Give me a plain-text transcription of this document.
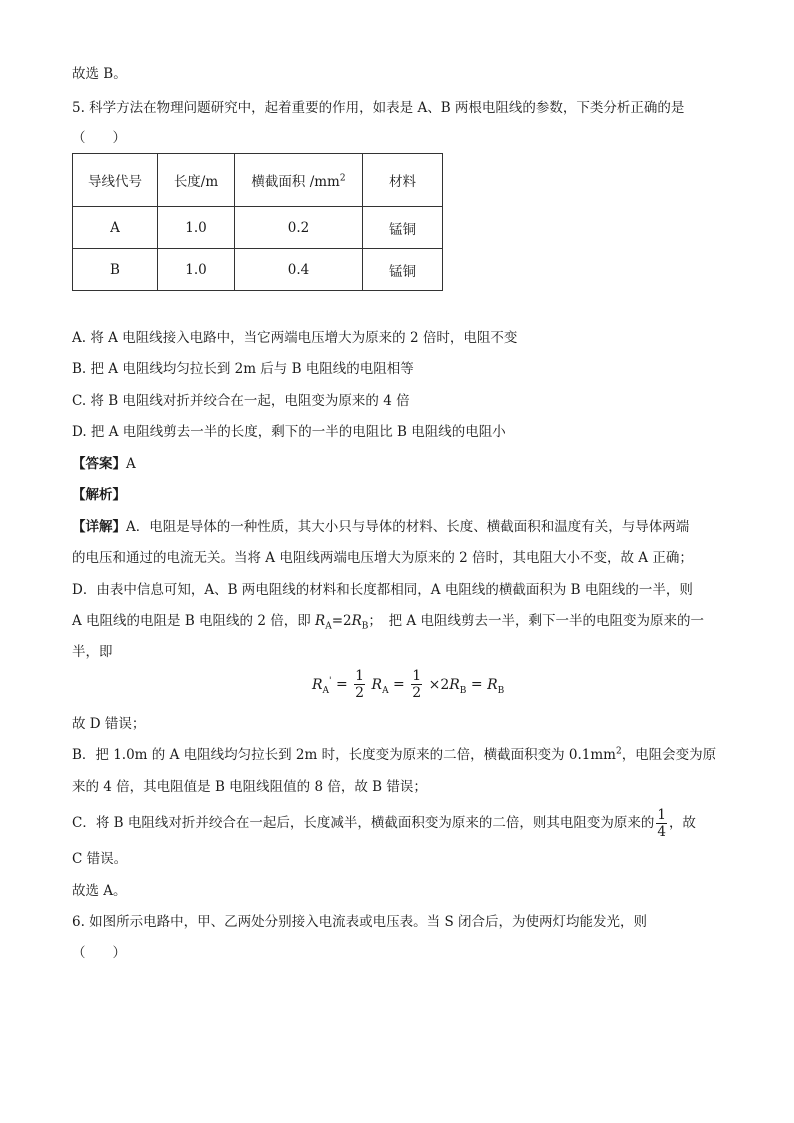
故选 B。
5. 科学方法在物理问题研究中，起着重要的作用，如表是 A、B 两根电阻线的参数，下类分析正确的是
（　　）
导线代号	长度/m	横截面积 $/mm^2$	材料
A	1.0	0.2	锰铜
B	1.0	0.4	锰铜
A. 将 A 电阻线接入电路中，当它两端电压增大为原来的 2 倍时，电阻不变
B. 把 A 电阻线均匀拉长到 2m 后与 B 电阻线的电阻相等
C. 将 B 电阻线对折并绞合在一起，电阻变为原来的 4 倍
D. 把 A 电阻线剪去一半的长度，剩下的一半的电阻比 B 电阻线的电阻小
【答案】A
【解析】
【详解】A．电阻是导体的一种性质，其大小只与导体的材料、长度、横截面积和温度有关，与导体两端
的电压和通过的电流无关。当将 A 电阻线两端电压增大为原来的 2 倍时，其电阻大小不变，故 A 正确；
D．由表中信息可知，A、B 两电阻线的材料和长度都相同，A 电阻线的横截面积为 B 电阻线的一半，则
A 电阻线的电阻是 B 电阻线的 2 倍，即 $R_A=2R_B$；　把 A 电阻线剪去一半，剩下一半的电阻变为原来的一
半，即
$R_A' = \frac{1}{2} R_A = \frac{1}{2} \times 2R_B = R_B$
故 D 错误；
B．把 1.0m 的 A 电阻线均匀拉长到 2m 时，长度变为原来的二倍，横截面积变为 $0.1mm^2$，电阻会变为原
来的 4 倍，其电阻值是 B 电阻线阻值的 8 倍，故 B 错误；
C．将 B 电阻线对折并绞合在一起后，长度减半，横截面积变为原来的二倍，则其电阻变为原来的 $\frac{1}{4}$ ，故
C 错误。
故选 A。
6. 如图所示电路中，甲、乙两处分别接入电流表或电压表。当 S 闭合后，为使两灯均能发光，则
（　　）
